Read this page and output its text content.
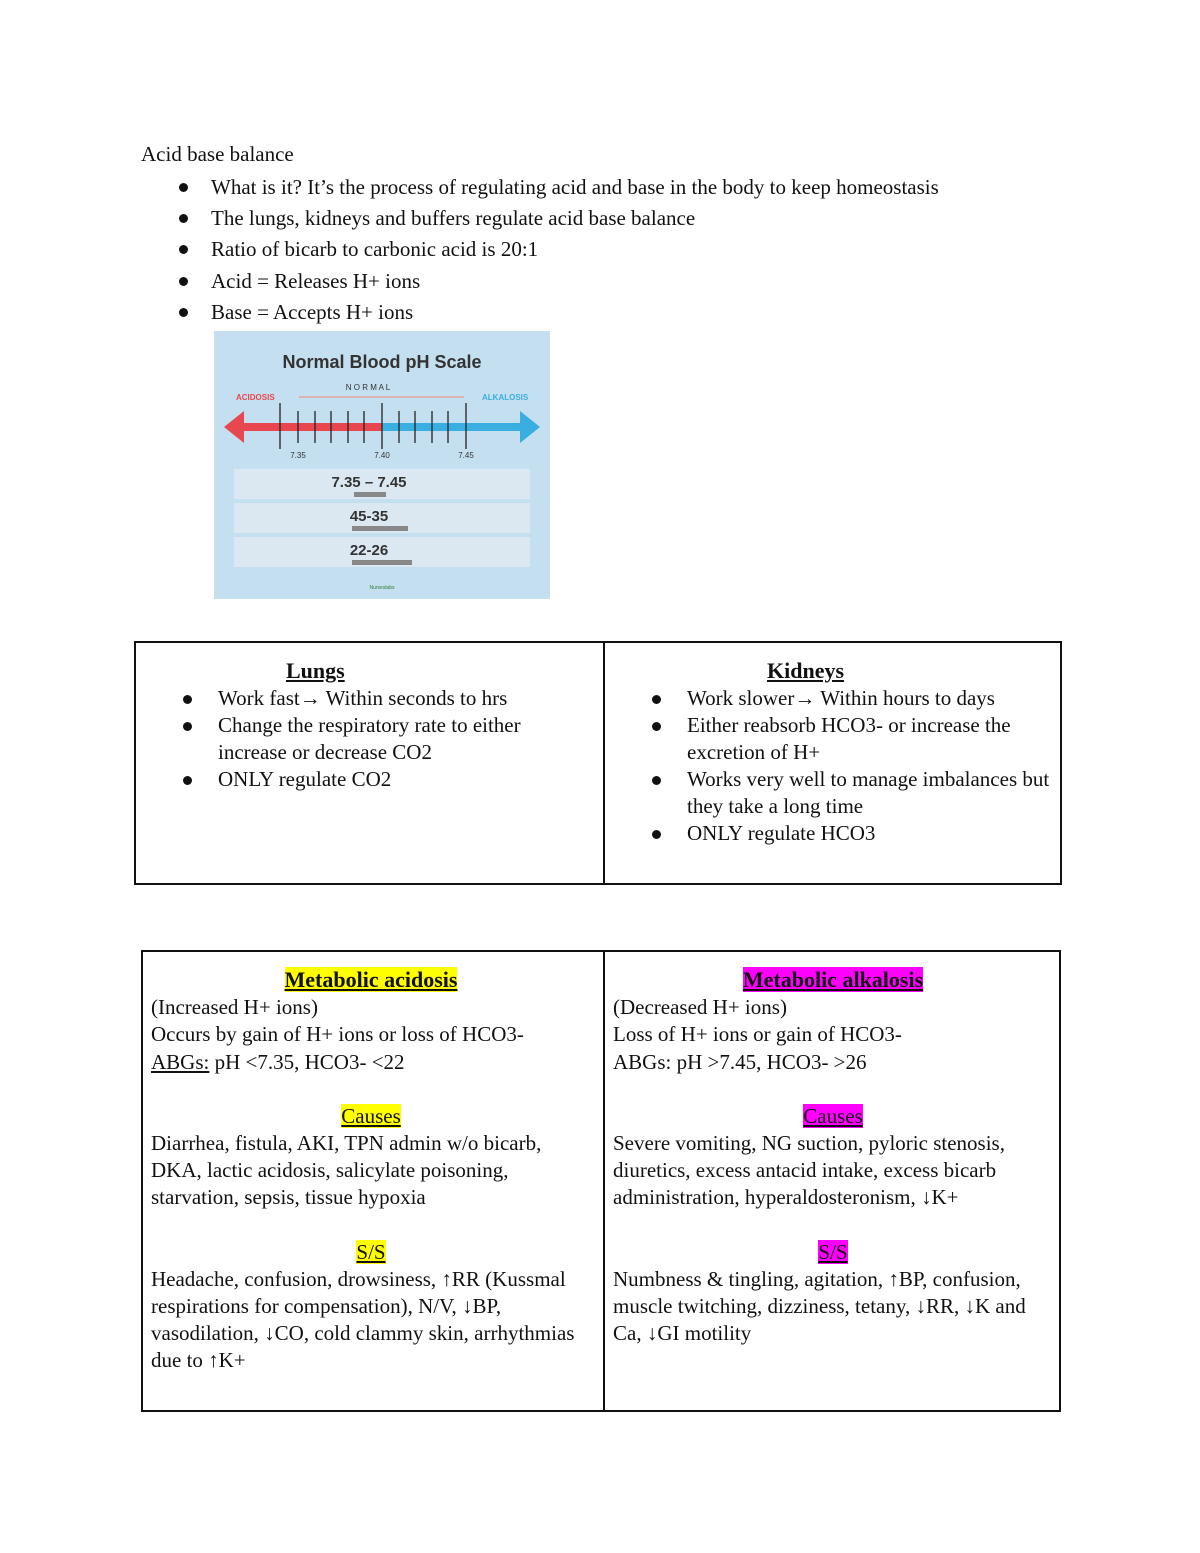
Acid base balance
What is it? It’s the process of regulating acid and base in the body to keep homeostasis
The lungs, kidneys and buffers regulate acid base balance
Ratio of bicarb to carbonic acid is 20:1
Acid = Releases H+ ions
Base = Accepts H+ ions
Normal Blood pH Scale
N O R M A L
ACIDOSIS	ALKALOSIS
7.35	7.40	7.45
7.35 – 7.45
45-35
22-26
Nurseslabs
Lungs
Work fast→ Within seconds to hrs
Change the respiratory rate to either increase or decrease CO2
ONLY regulate CO2
Kidneys
Work slower→ Within hours to days
Either reabsorb HCO3- or increase the excretion of H+
Works very well to manage imbalances but they take a long time
ONLY regulate HCO3
Metabolic acidosis
(Increased H+ ions)
Occurs by gain of H+ ions or loss of HCO3-
ABGs: pH <7.35, HCO3- <22
Causes
Diarrhea, fistula, AKI, TPN admin w/o bicarb, DKA, lactic acidosis, salicylate poisoning, starvation, sepsis, tissue hypoxia
S/S
Headache, confusion, drowsiness, ↑RR (Kussmal respirations for compensation), N/V, ↓BP, vasodilation, ↓CO, cold clammy skin, arrhythmias due to ↑K+
Metabolic alkalosis
(Decreased H+ ions)
Loss of H+ ions or gain of HCO3-
ABGs: pH >7.45, HCO3- >26
Causes
Severe vomiting, NG suction, pyloric stenosis, diuretics, excess antacid intake, excess bicarb administration, hyperaldosteronism, ↓K+
S/S
Numbness & tingling, agitation, ↑BP, confusion, muscle twitching, dizziness, tetany, ↓RR, ↓K and Ca, ↓GI motility
